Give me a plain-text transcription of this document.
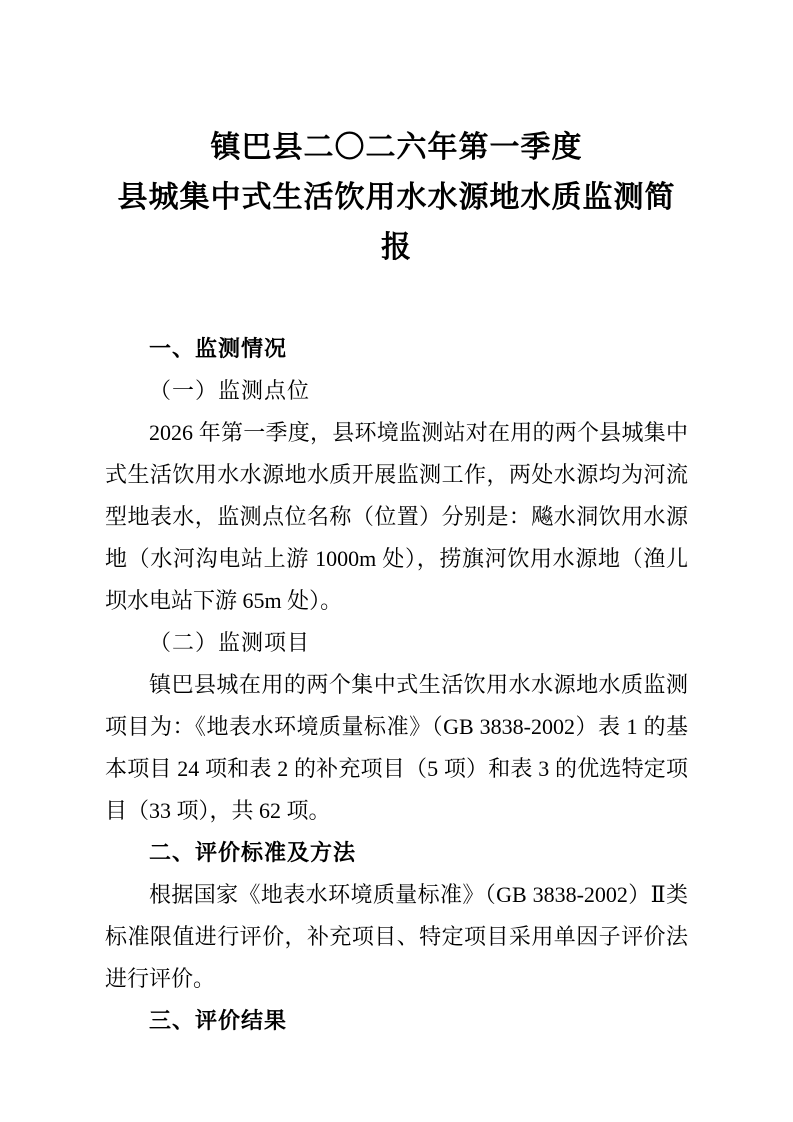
镇巴县二〇二六年第一季度
县城集中式生活饮用水水源地水质监测简报
一、监测情况
（一）监测点位

2026 年第一季度，县环境监测站对在用的两个县城集中式生活饮用水水源地水质开展监测工作，两处水源均为河流型地表水，监测点位名称（位置）分别是：飚水洞饮用水源地（水河沟电站上游 1000m 处），捞旗河饮用水源地（渔儿坝水电站下游 65m 处）。

（二）监测项目

镇巴县城在用的两个集中式生活饮用水水源地水质监测项目为：《地表水环境质量标准》（GB 3838-2002）表 1 的基本项目 24 项和表 2 的补充项目（5 项）和表 3 的优选特定项目（33 项），共 62 项。

二、评价标准及方法

根据国家《地表水环境质量标准》（GB 3838-2002）Ⅱ类标准限值进行评价，补充项目、特定项目采用单因子评价法进行评价。

三、评价结果
